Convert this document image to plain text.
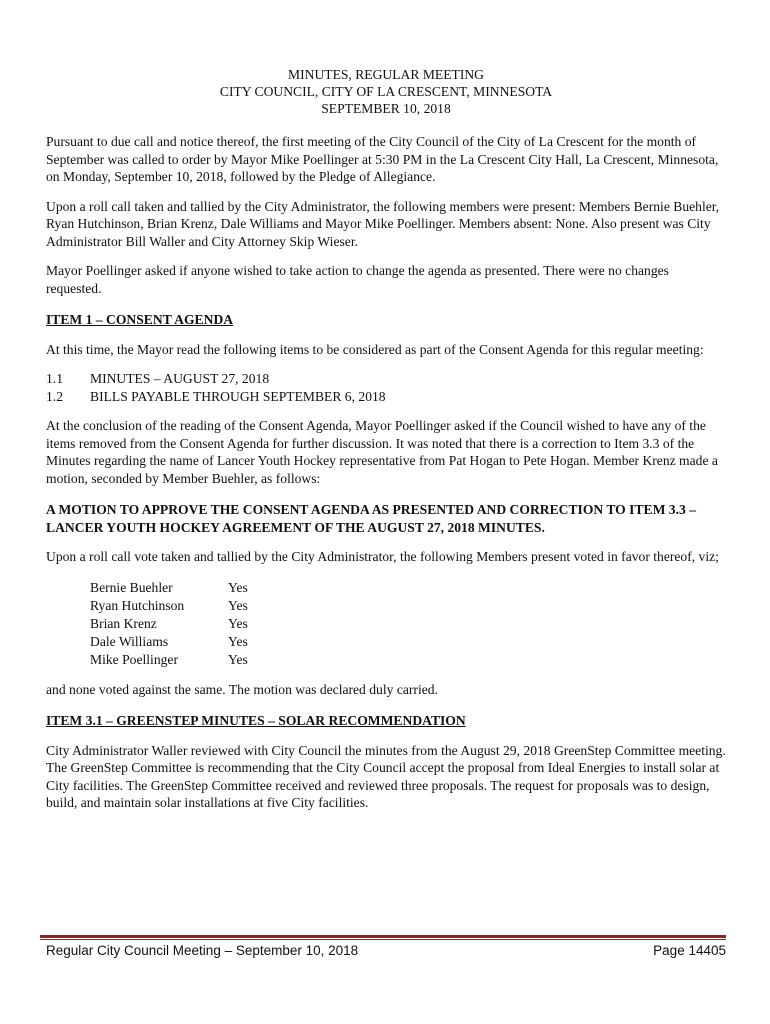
MINUTES, REGULAR MEETING
CITY COUNCIL, CITY OF LA CRESCENT, MINNESOTA
SEPTEMBER 10, 2018

Pursuant to due call and notice thereof, the first meeting of the City Council of the City of La Crescent for the month of September was called to order by Mayor Mike Poellinger at 5:30 PM in the La Crescent City Hall, La Crescent, Minnesota, on Monday, September 10, 2018, followed by the Pledge of Allegiance.

Upon a roll call taken and tallied by the City Administrator, the following members were present: Members Bernie Buehler, Ryan Hutchinson, Brian Krenz, Dale Williams and Mayor Mike Poellinger. Members absent: None. Also present was City Administrator Bill Waller and City Attorney Skip Wieser.

Mayor Poellinger asked if anyone wished to take action to change the agenda as presented. There were no changes requested.

ITEM 1 – CONSENT AGENDA

At this time, the Mayor read the following items to be considered as part of the Consent Agenda for this regular meeting:

1.1	MINUTES – AUGUST 27, 2018
1.2	BILLS PAYABLE THROUGH SEPTEMBER 6, 2018

At the conclusion of the reading of the Consent Agenda, Mayor Poellinger asked if the Council wished to have any of the items removed from the Consent Agenda for further discussion. It was noted that there is a correction to Item 3.3 of the Minutes regarding the name of Lancer Youth Hockey representative from Pat Hogan to Pete Hogan. Member Krenz made a motion, seconded by Member Buehler, as follows:

A MOTION TO APPROVE THE CONSENT AGENDA AS PRESENTED AND CORRECTION TO ITEM 3.3 – LANCER YOUTH HOCKEY AGREEMENT OF THE AUGUST 27, 2018 MINUTES.

Upon a roll call vote taken and tallied by the City Administrator, the following Members present voted in favor thereof, viz;

Bernie Buehler	Yes
Ryan Hutchinson	Yes
Brian Krenz	Yes
Dale Williams	Yes
Mike Poellinger	Yes

and none voted against the same. The motion was declared duly carried.

ITEM 3.1 – GREENSTEP MINUTES – SOLAR RECOMMENDATION

City Administrator Waller reviewed with City Council the minutes from the August 29, 2018 GreenStep Committee meeting. The GreenStep Committee is recommending that the City Council accept the proposal from Ideal Energies to install solar at City facilities. The GreenStep Committee received and reviewed three proposals. The request for proposals was to design, build, and maintain solar installations at five City facilities.

Regular City Council Meeting – September 10, 2018	Page 14405
